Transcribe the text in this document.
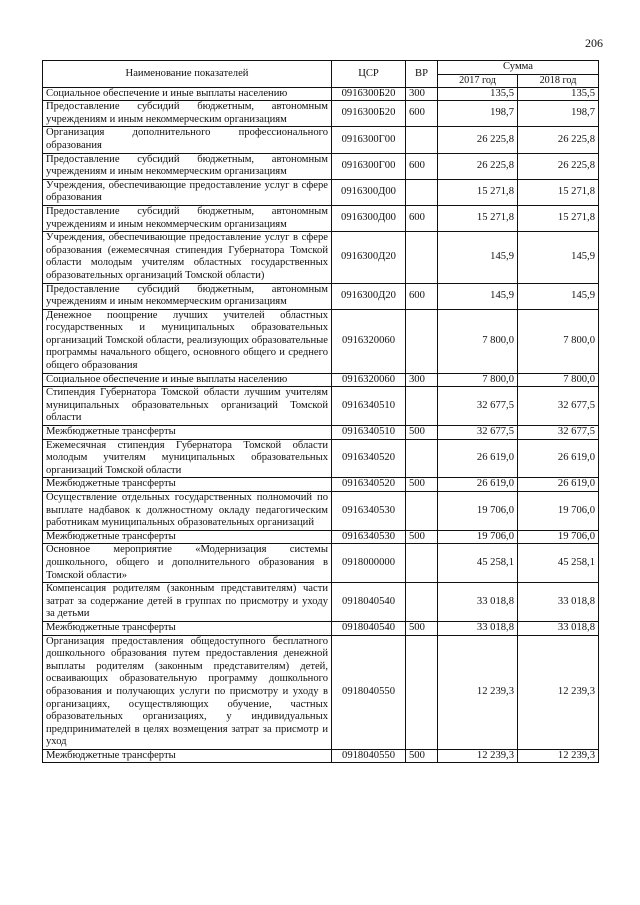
206
Наименование показателей	ЦСР	ВР	Сумма	
			2017 год	2018 год
Социальное обеспечение и иные выплаты населению	0916300Б20	300	135,5	135,5
Предоставление субсидий бюджетным, автономным учреждениям и иным некоммерческим организациям	0916300Б20	600	198,7	198,7
Организация дополнительного профессионального образования	0916300Г00		26 225,8	26 225,8
Предоставление субсидий бюджетным, автономным учреждениям и иным некоммерческим организациям	0916300Г00	600	26 225,8	26 225,8
Учреждения, обеспечивающие предоставление услуг в сфере образования	0916300Д00		15 271,8	15 271,8
Предоставление субсидий бюджетным, автономным учреждениям и иным некоммерческим организациям	0916300Д00	600	15 271,8	15 271,8
Учреждения, обеспечивающие предоставление услуг в сфере образования (ежемесячная стипендия Губернатора Томской области молодым учителям областных государственных образовательных организаций Томской области)	0916300Д20		145,9	145,9
Предоставление субсидий бюджетным, автономным учреждениям и иным некоммерческим организациям	0916300Д20	600	145,9	145,9
Денежное поощрение лучших учителей областных государственных и муниципальных образовательных организаций Томской области, реализующих образовательные программы начального общего, основного общего и среднего общего образования	0916320060		7 800,0	7 800,0
Социальное обеспечение и иные выплаты населению	0916320060	300	7 800,0	7 800,0
Стипендия Губернатора Томской области лучшим учителям муниципальных образовательных организаций Томской области	0916340510		32 677,5	32 677,5
Межбюджетные трансферты	0916340510	500	32 677,5	32 677,5
Ежемесячная стипендия Губернатора Томской области молодым учителям муниципальных образовательных организаций Томской области	0916340520		26 619,0	26 619,0
Межбюджетные трансферты	0916340520	500	26 619,0	26 619,0
Осуществление отдельных государственных полномочий по выплате надбавок к должностному окладу педагогическим работникам муниципальных образовательных организаций	0916340530		19 706,0	19 706,0
Межбюджетные трансферты	0916340530	500	19 706,0	19 706,0
Основное мероприятие «Модернизация системы дошкольного, общего и дополнительного образования в Томской области»	0918000000		45 258,1	45 258,1
Компенсация родителям (законным представителям) части затрат за содержание детей в группах по присмотру и уходу за детьми	0918040540		33 018,8	33 018,8
Межбюджетные трансферты	0918040540	500	33 018,8	33 018,8
Организация предоставления общедоступного бесплатного дошкольного образования путем предоставления денежной выплаты родителям (законным представителям) детей, осваивающих образовательную программу дошкольного образования и получающих услуги по присмотру и уходу в организациях, осуществляющих обучение, частных образовательных организациях, у индивидуальных предпринимателей в целях возмещения затрат за присмотр и уход	0918040550		12 239,3	12 239,3
Межбюджетные трансферты	0918040550	500	12 239,3	12 239,3
